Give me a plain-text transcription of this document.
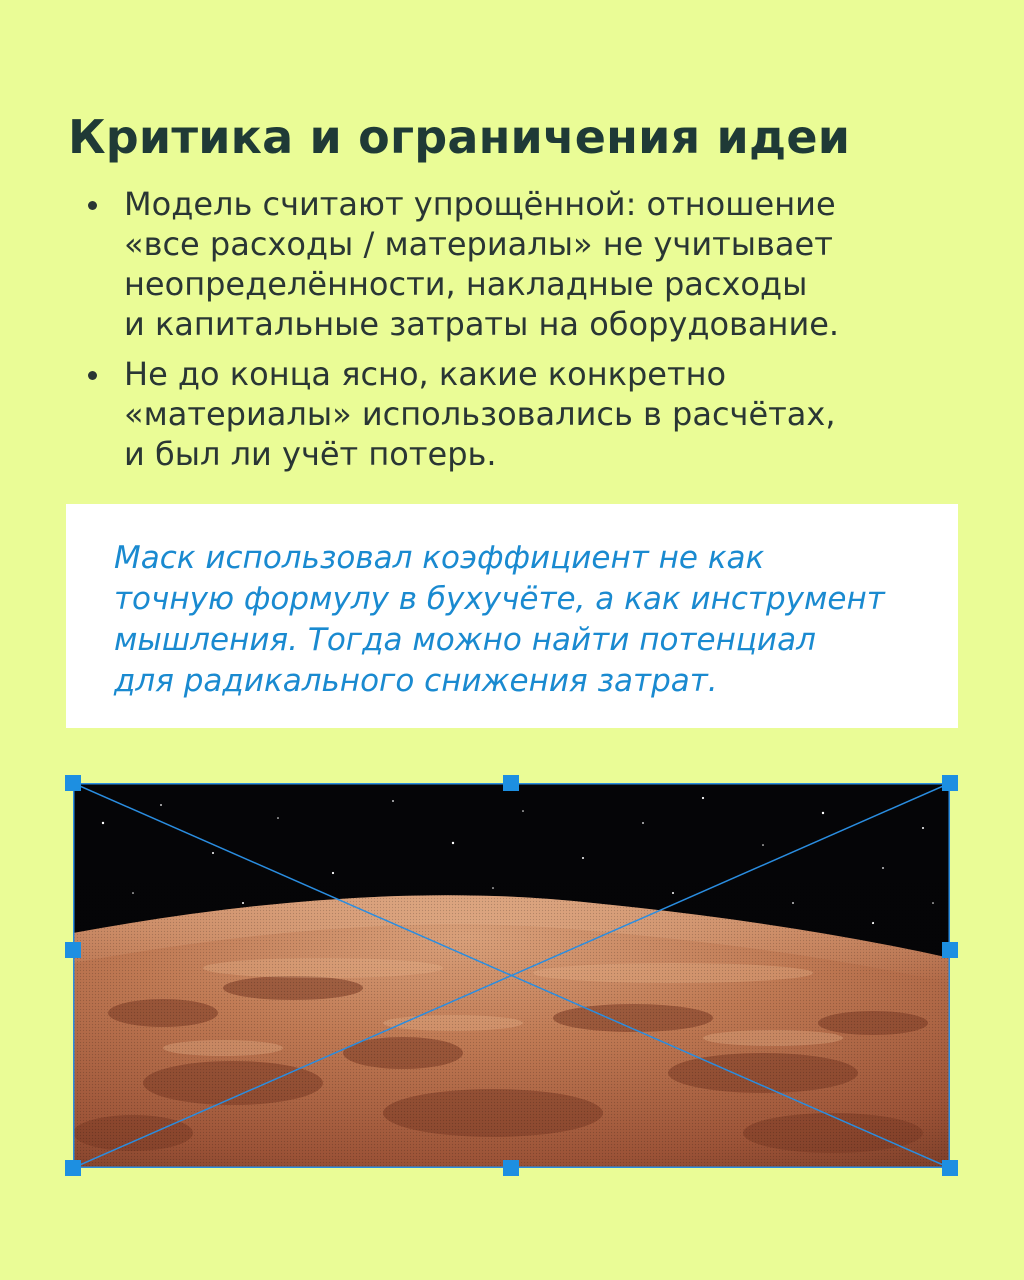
Критика и ограничения идеи
Модель считают упрощённой: отношение
«все расходы / материалы» не учитывает
неопределённости, накладные расходы
и капитальные затраты на оборудование.
Не до конца ясно, какие конкретно
«материалы» использовались в расчётах,
и был ли учёт потерь.

Маск использовал коэффициент не как
точную формулу в бухучёте, а как инструмент
мышления. Тогда можно найти потенциал
для радикального снижения затрат.
